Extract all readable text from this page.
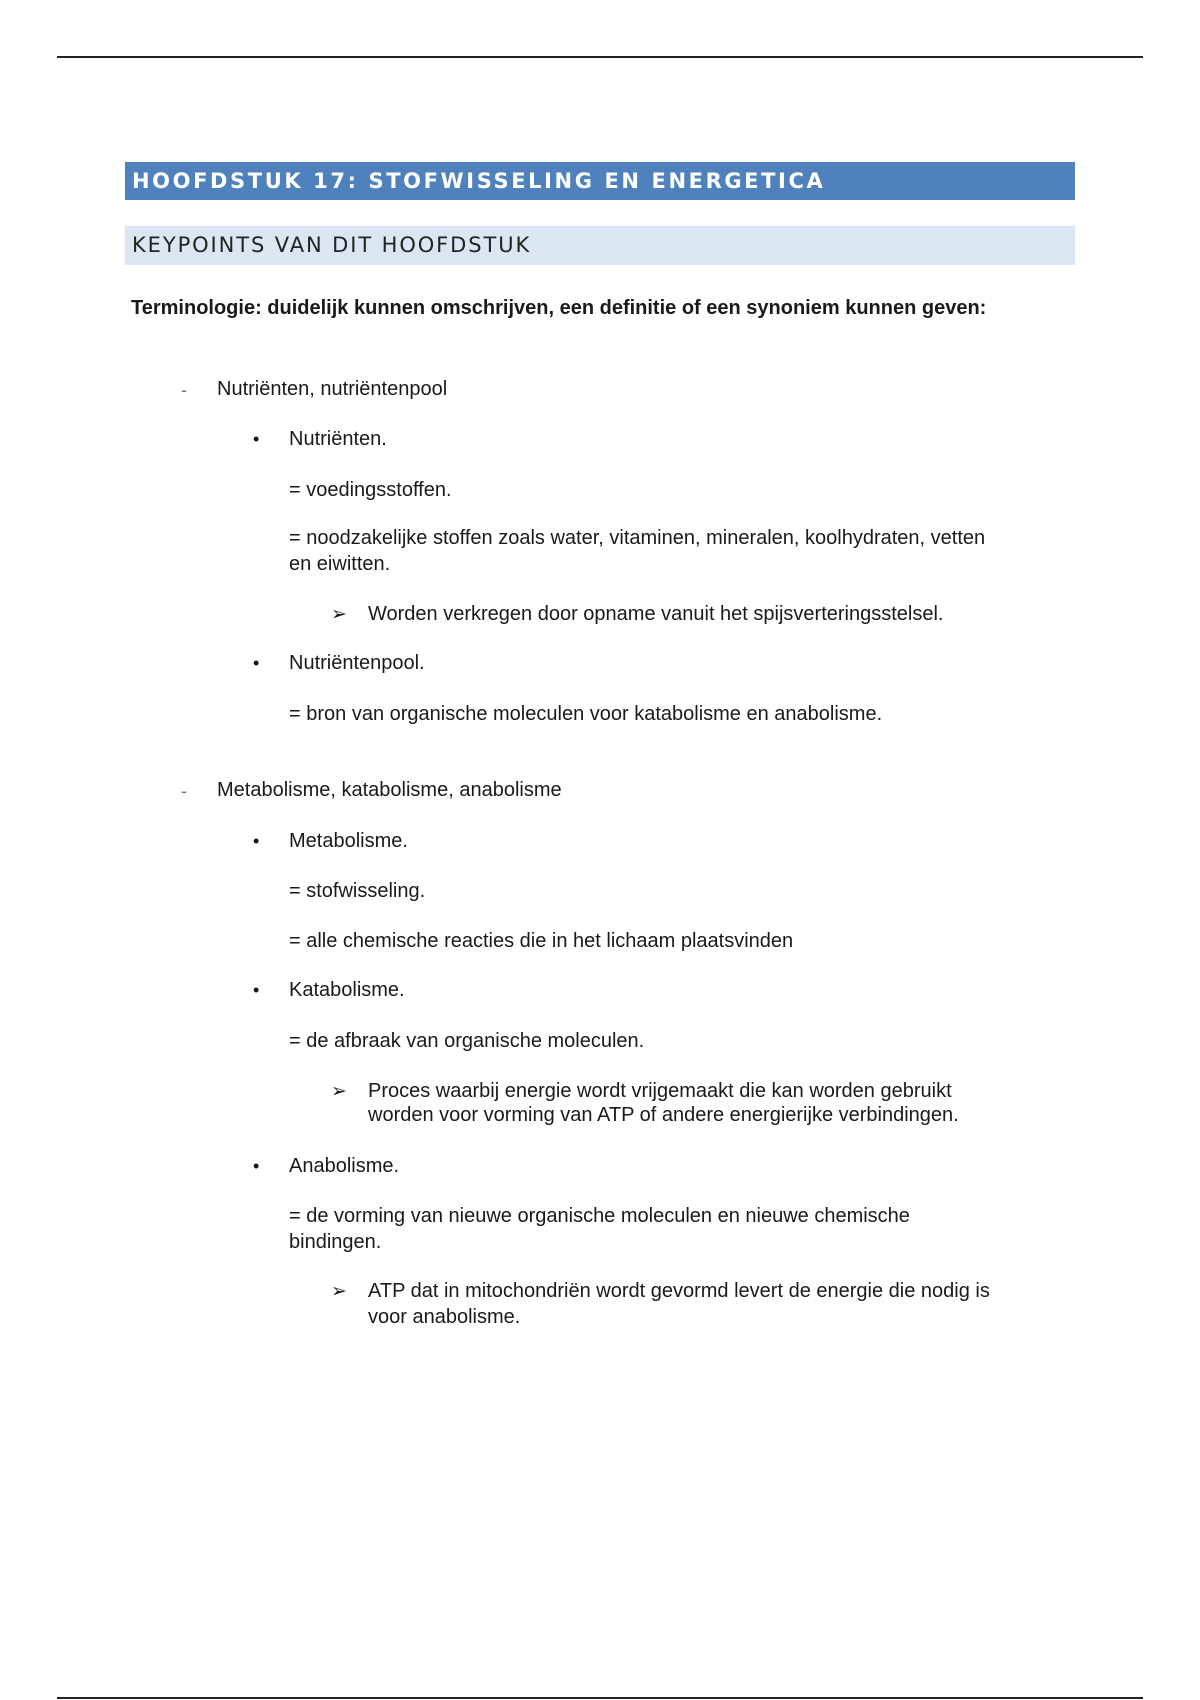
HOOFDSTUK 17: STOFWISSELING EN ENERGETICA
KEYPOINTS VAN DIT HOOFDSTUK
Terminologie: duidelijk kunnen omschrijven, een definitie of een synoniem kunnen geven:
- Nutriënten, nutriëntenpool
• Nutriënten.
= voedingsstoffen.
= noodzakelijke stoffen zoals water, vitaminen, mineralen, koolhydraten, vetten
en eiwitten.
➢ Worden verkregen door opname vanuit het spijsverteringsstelsel.
• Nutriëntenpool.
= bron van organische moleculen voor katabolisme en anabolisme.
- Metabolisme, katabolisme, anabolisme
• Metabolisme.
= stofwisseling.
= alle chemische reacties die in het lichaam plaatsvinden
• Katabolisme.
= de afbraak van organische moleculen.
➢ Proces waarbij energie wordt vrijgemaakt die kan worden gebruikt
worden voor vorming van ATP of andere energierijke verbindingen.
• Anabolisme.
= de vorming van nieuwe organische moleculen en nieuwe chemische
bindingen.
➢ ATP dat in mitochondriën wordt gevormd levert de energie die nodig is
voor anabolisme.
